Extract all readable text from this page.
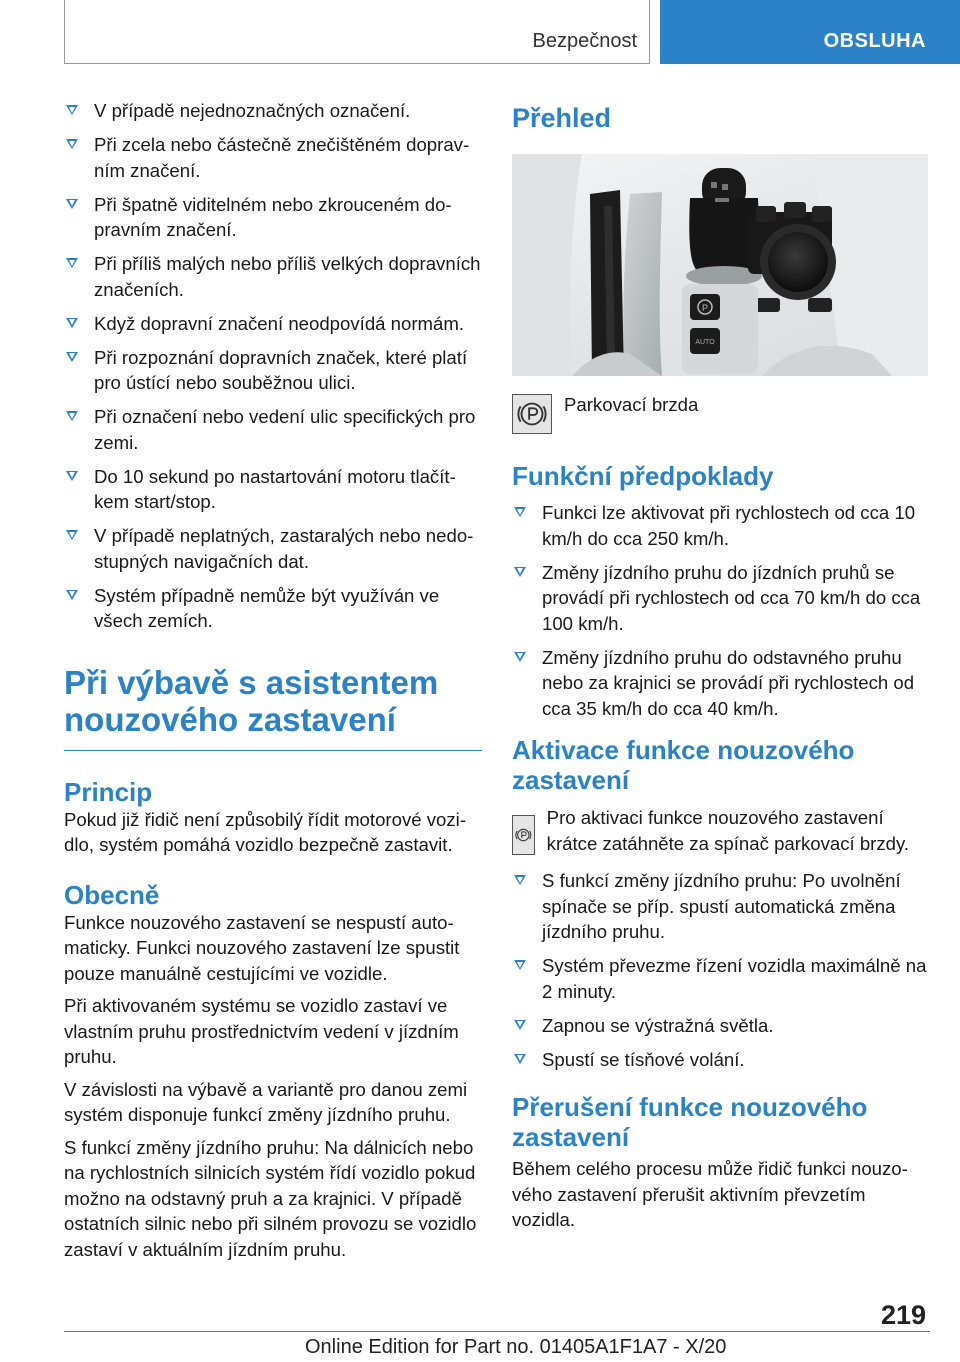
Bezpečnost	OBSLUHA
V případě nejednoznačných označení.
Při zcela nebo částečně znečištěném dopravním značení.
Při špatně viditelném nebo zkrouceném dopravním značení.
Při příliš malých nebo příliš velkých dopravních značeních.
Když dopravní značení neodpovídá normám.
Při rozpoznání dopravních značek, které platí pro ústící nebo souběžnou ulici.
Při označení nebo vedení ulic specifických pro zemi.
Do 10 sekund po nastartování motoru tlačítkem start/stop.
V případě neplatných, zastaralých nebo nedostupných navigačních dat.
Systém případně nemůže být využíván ve všech zemích.
Při výbavě s asistentem nouzového zastavení
Princip

Pokud již řidič není způsobilý řídit motorové vozidlo, systém pomáhá vozidlo bezpečně zastavit.

Obecně

Funkce nouzového zastavení se nespustí automaticky. Funkci nouzového zastavení lze spustit pouze manuálně cestujícími ve vozidle.

Při aktivovaném systému se vozidlo zastaví ve vlastním pruhu prostřednictvím vedení v jízdním pruhu.

V závislosti na výbavě a variantě pro danou zemi systém disponuje funkcí změny jízdního pruhu.

S funkcí změny jízdního pruhu: Na dálnicích nebo na rychlostních silnicích systém řídí vozidlo pokud možno na odstavný pruh a za krajnici. V případě ostatních silnic nebo při silném provozu se vozidlo zastaví v aktuálním jízdním pruhu.

Přehled
P
AUTO
Parkovací brzda
Funkční předpoklady
Funkci lze aktivovat při rychlostech od cca 10 km/h do cca 250 km/h.
Změny jízdního pruhu do jízdních pruhů se provádí při rychlostech od cca 70 km/h do cca 100 km/h.
Změny jízdního pruhu do odstavného pruhu nebo za krajnici se provádí při rychlostech od cca 35 km/h do cca 40 km/h.
Aktivace funkce nouzového zastavení
Pro aktivaci funkce nouzového zastavení krátce zatáhněte za spínač parkovací brzdy.
S funkcí změny jízdního pruhu: Po uvolnění spínače se příp. spustí automatická změna jízdního pruhu.
Systém převezme řízení vozidla maximálně na 2 minuty.
Zapnou se výstražná světla.
Spustí se tísňové volání.
Přerušení funkce nouzového zastavení

Během celého procesu může řidič funkci nouzového zastavení přerušit aktivním převzetím vozidla.

219
Online Edition for Part no. 01405A1F1A7 - X/20
